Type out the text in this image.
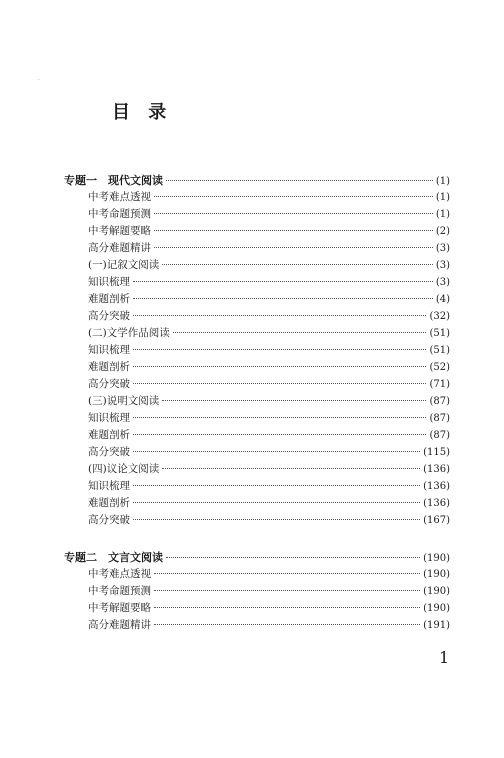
·
目 录
专题一　现代文阅读	(1)
中考难点透视	(1)
中考命题预测	(1)
中考解题要略	(2)
高分难题精讲	(3)
(一)记叙文阅读	(3)
知识梳理	(3)
难题剖析	(4)
高分突破	(32)
(二)文学作品阅读	(51)
知识梳理	(51)
难题剖析	(52)
高分突破	(71)
(三)说明文阅读	(87)
知识梳理	(87)
难题剖析	(87)
高分突破	(115)
(四)议论文阅读	(136)
知识梳理	(136)
难题剖析	(136)
高分突破	(167)
专题二　文言文阅读	(190)
中考难点透视	(190)
中考命题预测	(190)
中考解题要略	(190)
高分难题精讲	(191)
1
